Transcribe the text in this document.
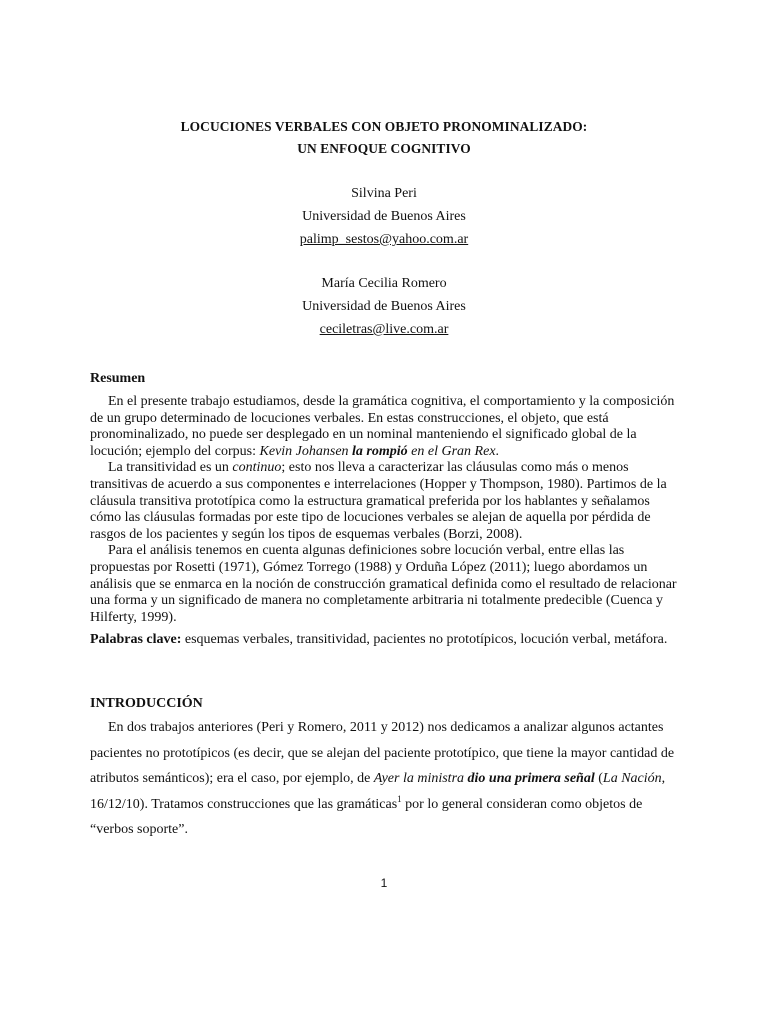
LOCUCIONES VERBALES CON OBJETO PRONOMINALIZADO:
UN ENFOQUE COGNITIVO
Silvina Peri
Universidad de Buenos Aires
palimp_sestos@yahoo.com.ar
María Cecilia Romero
Universidad de Buenos Aires
ceciletras@live.com.ar
Resumen

En el presente trabajo estudiamos, desde la gramática cognitiva, el comportamiento y la composición de un grupo determinado de locuciones verbales. En estas construcciones, el objeto, que está pronominalizado, no puede ser desplegado en un nominal manteniendo el significado global de la locución; ejemplo del corpus: Kevin Johansen la rompió en el Gran Rex.

La transitividad es un continuo; esto nos lleva a caracterizar las cláusulas como más o menos transitivas de acuerdo a sus componentes e interrelaciones (Hopper y Thompson, 1980). Partimos de la cláusula transitiva prototípica como la estructura gramatical preferida por los hablantes y señalamos cómo las cláusulas formadas por este tipo de locuciones verbales se alejan de aquella por pérdida de rasgos de los pacientes y según los tipos de esquemas verbales (Borzi, 2008).

Para el análisis tenemos en cuenta algunas definiciones sobre locución verbal, entre ellas las propuestas por Rosetti (1971), Gómez Torrego (1988) y Orduña López (2011); luego abordamos un análisis que se enmarca en la noción de construcción gramatical definida como el resultado de relacionar una forma y un significado de manera no completamente arbitraria ni totalmente predecible (Cuenca y Hilferty, 1999).

Palabras clave: esquemas verbales, transitividad, pacientes no prototípicos, locución verbal, metáfora.
INTRODUCCIÓN

En dos trabajos anteriores (Peri y Romero, 2011 y 2012) nos dedicamos a analizar algunos actantes pacientes no prototípicos (es decir, que se alejan del paciente prototípico, que tiene la mayor cantidad de atributos semánticos); era el caso, por ejemplo, de Ayer la ministra dio una primera señal (La Nación, 16/12/10). Tratamos construcciones que las gramáticas$^1$ por lo general consideran como objetos de “verbos soporte”.

1
